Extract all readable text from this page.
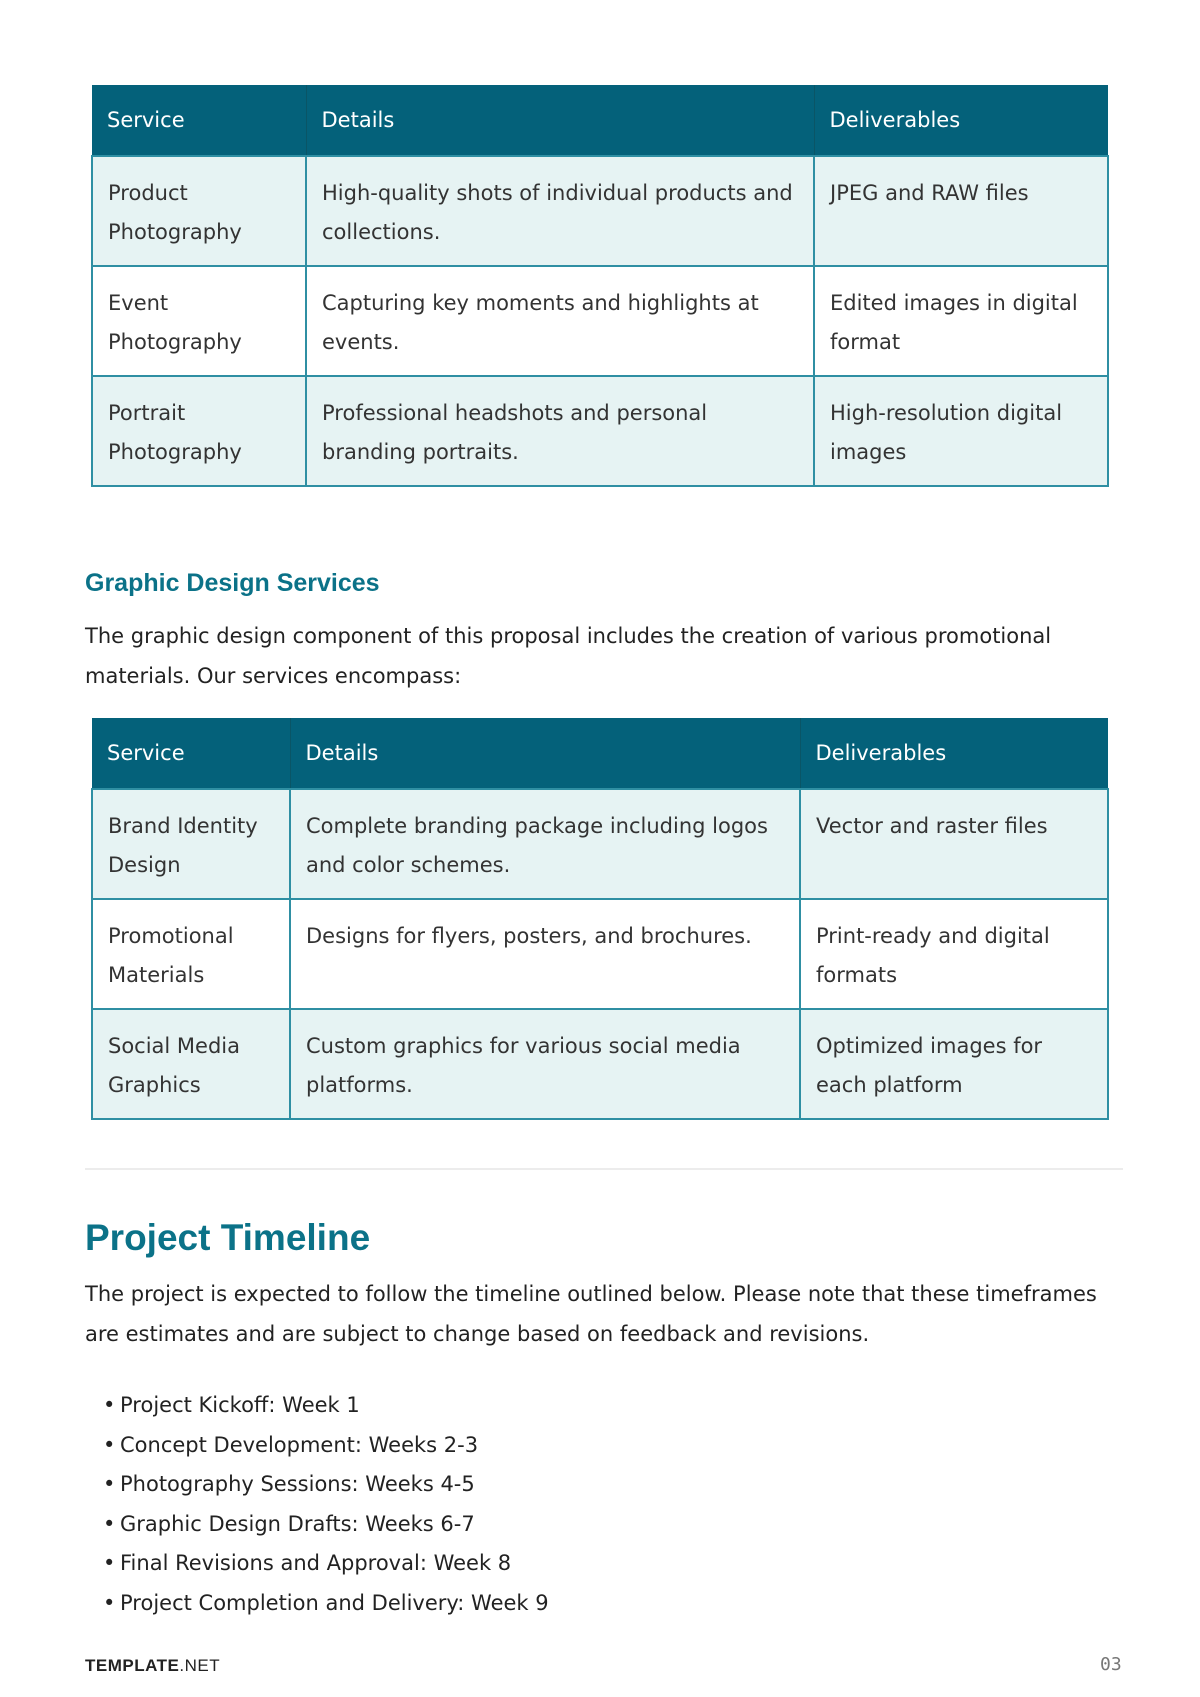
Service	Details	Deliverables
Product Photography	High-quality shots of individual products and collections.	JPEG and RAW files
Event Photography	Capturing key moments and highlights at events.	Edited images in digital format
Portrait Photography	Professional headshots and personal branding portraits.	High-resolution digital images
Graphic Design Services
The graphic design component of this proposal includes the creation of various promotional materials. Our services encompass:
Service	Details	Deliverables
Brand Identity Design	Complete branding package including logos and color schemes.	Vector and raster files
Promotional Materials	Designs for flyers, posters, and brochures.	Print-ready and digital formats
Social Media Graphics	Custom graphics for various social media platforms.	Optimized images for each platform
Project Timeline
The project is expected to follow the timeline outlined below. Please note that these timeframes are estimates and are subject to change based on feedback and revisions.
• Project Kickoff: Week 1
• Concept Development: Weeks 2-3
• Photography Sessions: Weeks 4-5
• Graphic Design Drafts: Weeks 6-7
• Final Revisions and Approval: Week 8
• Project Completion and Delivery: Week 9
TEMPLATE.NET	03
